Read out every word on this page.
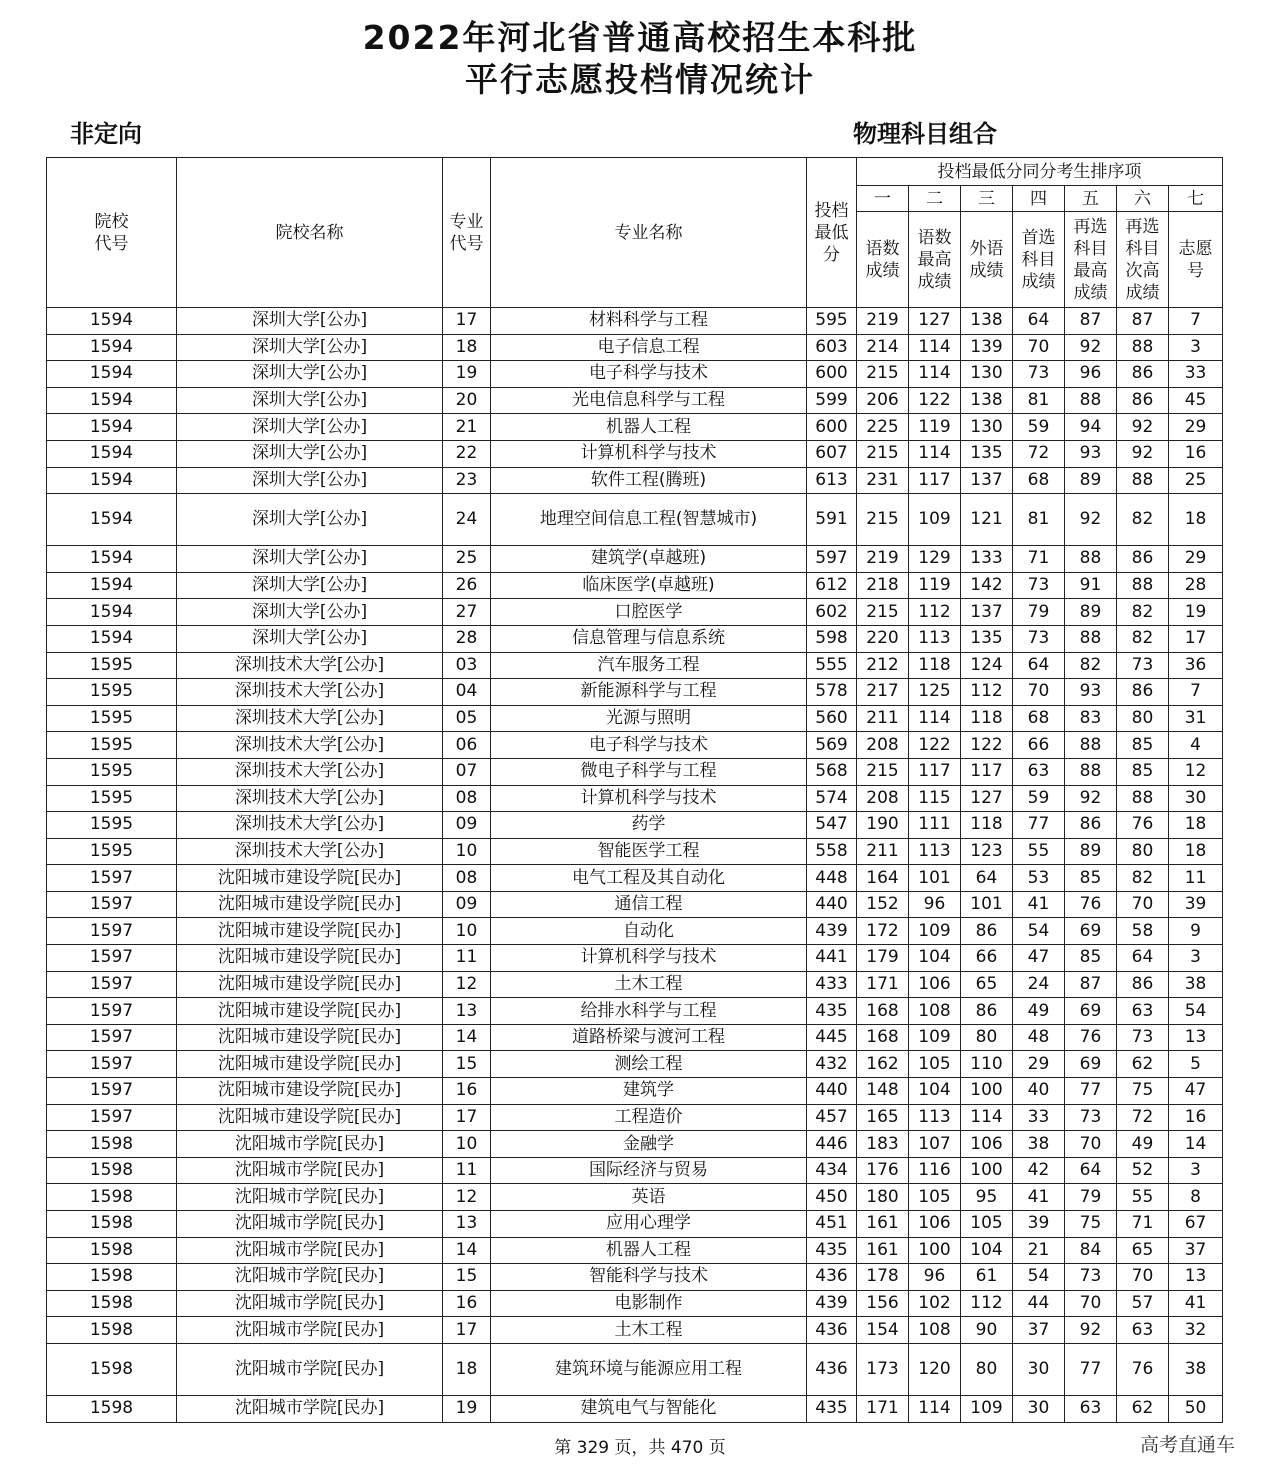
2022年河北省普通高校招生本科批
平行志愿投档情况统计
非定向	物理科目组合
院校代号	院校名称	专业代号	专业名称	投档最低分	投档最低分同分考生排序项						
					一	二	三	四	五	六	七

					语数成绩	语数最高成绩	外语成绩	首选科目成绩	再选科目最高成绩	再选科目次高成绩	志愿号

1594	深圳大学[公办]	17	材料科学与工程	595	219	127	138	64	87	87	7
1594	深圳大学[公办]	18	电子信息工程	603	214	114	139	70	92	88	3
1594	深圳大学[公办]	19	电子科学与技术	600	215	114	130	73	96	86	33
1594	深圳大学[公办]	20	光电信息科学与工程	599	206	122	138	81	88	86	45
1594	深圳大学[公办]	21	机器人工程	600	225	119	130	59	94	92	29
1594	深圳大学[公办]	22	计算机科学与技术	607	215	114	135	72	93	92	16
1594	深圳大学[公办]	23	软件工程(腾班)	613	231	117	137	68	89	88	25
1594	深圳大学[公办]	24	地理空间信息工程(智慧城市)	591	215	109	121	81	92	82	18
1594	深圳大学[公办]	25	建筑学(卓越班)	597	219	129	133	71	88	86	29
1594	深圳大学[公办]	26	临床医学(卓越班)	612	218	119	142	73	91	88	28
1594	深圳大学[公办]	27	口腔医学	602	215	112	137	79	89	82	19
1594	深圳大学[公办]	28	信息管理与信息系统	598	220	113	135	73	88	82	17
1595	深圳技术大学[公办]	03	汽车服务工程	555	212	118	124	64	82	73	36
1595	深圳技术大学[公办]	04	新能源科学与工程	578	217	125	112	70	93	86	7
1595	深圳技术大学[公办]	05	光源与照明	560	211	114	118	68	83	80	31
1595	深圳技术大学[公办]	06	电子科学与技术	569	208	122	122	66	88	85	4
1595	深圳技术大学[公办]	07	微电子科学与工程	568	215	117	117	63	88	85	12
1595	深圳技术大学[公办]	08	计算机科学与技术	574	208	115	127	59	92	88	30
1595	深圳技术大学[公办]	09	药学	547	190	111	118	77	86	76	18
1595	深圳技术大学[公办]	10	智能医学工程	558	211	113	123	55	89	80	18
1597	沈阳城市建设学院[民办]	08	电气工程及其自动化	448	164	101	64	53	85	82	11
1597	沈阳城市建设学院[民办]	09	通信工程	440	152	96	101	41	76	70	39
1597	沈阳城市建设学院[民办]	10	自动化	439	172	109	86	54	69	58	9
1597	沈阳城市建设学院[民办]	11	计算机科学与技术	441	179	104	66	47	85	64	3
1597	沈阳城市建设学院[民办]	12	土木工程	433	171	106	65	24	87	86	38
1597	沈阳城市建设学院[民办]	13	给排水科学与工程	435	168	108	86	49	69	63	54
1597	沈阳城市建设学院[民办]	14	道路桥梁与渡河工程	445	168	109	80	48	76	73	13
1597	沈阳城市建设学院[民办]	15	测绘工程	432	162	105	110	29	69	62	5
1597	沈阳城市建设学院[民办]	16	建筑学	440	148	104	100	40	77	75	47
1597	沈阳城市建设学院[民办]	17	工程造价	457	165	113	114	33	73	72	16
1598	沈阳城市学院[民办]	10	金融学	446	183	107	106	38	70	49	14
1598	沈阳城市学院[民办]	11	国际经济与贸易	434	176	116	100	42	64	52	3
1598	沈阳城市学院[民办]	12	英语	450	180	105	95	41	79	55	8
1598	沈阳城市学院[民办]	13	应用心理学	451	161	106	105	39	75	71	67
1598	沈阳城市学院[民办]	14	机器人工程	435	161	100	104	21	84	65	37
1598	沈阳城市学院[民办]	15	智能科学与技术	436	178	96	61	54	73	70	13
1598	沈阳城市学院[民办]	16	电影制作	439	156	102	112	44	70	57	41
1598	沈阳城市学院[民办]	17	土木工程	436	154	108	90	37	92	63	32
1598	沈阳城市学院[民办]	18	建筑环境与能源应用工程	436	173	120	80	30	77	76	38
1598	沈阳城市学院[民办]	19	建筑电气与智能化	435	171	114	109	30	63	62	50
第 329 页，共 470 页	高考直通车
